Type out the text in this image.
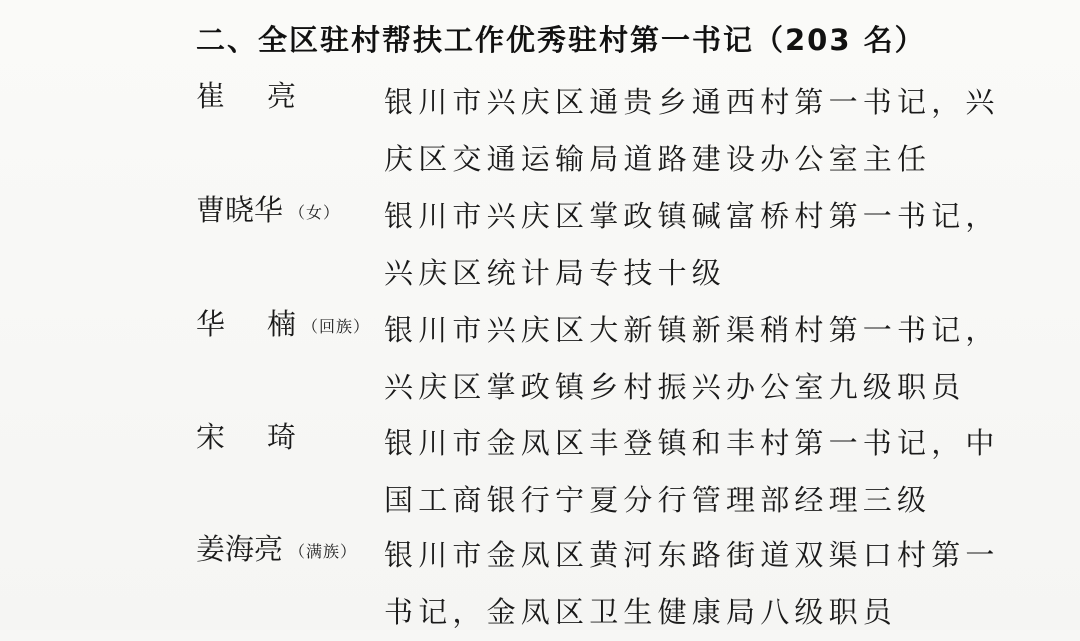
二、全区驻村帮扶工作优秀驻村第一书记（203 名）
崔 亮	银川市兴庆区通贵乡通西村第一书记，兴
庆区交通运输局道路建设办公室主任
曹晓华 （女） 银川市兴庆区掌政镇碱富桥村第一书记，
兴庆区统计局专技十级
华 楠 （回族） 银川市兴庆区大新镇新渠稍村第一书记，
兴庆区掌政镇乡村振兴办公室九级职员
宋 琦	银川市金凤区丰登镇和丰村第一书记，中
国工商银行宁夏分行管理部经理三级
姜海亮 （满族） 银川市金凤区黄河东路街道双渠口村第一
书记，金凤区卫生健康局八级职员
